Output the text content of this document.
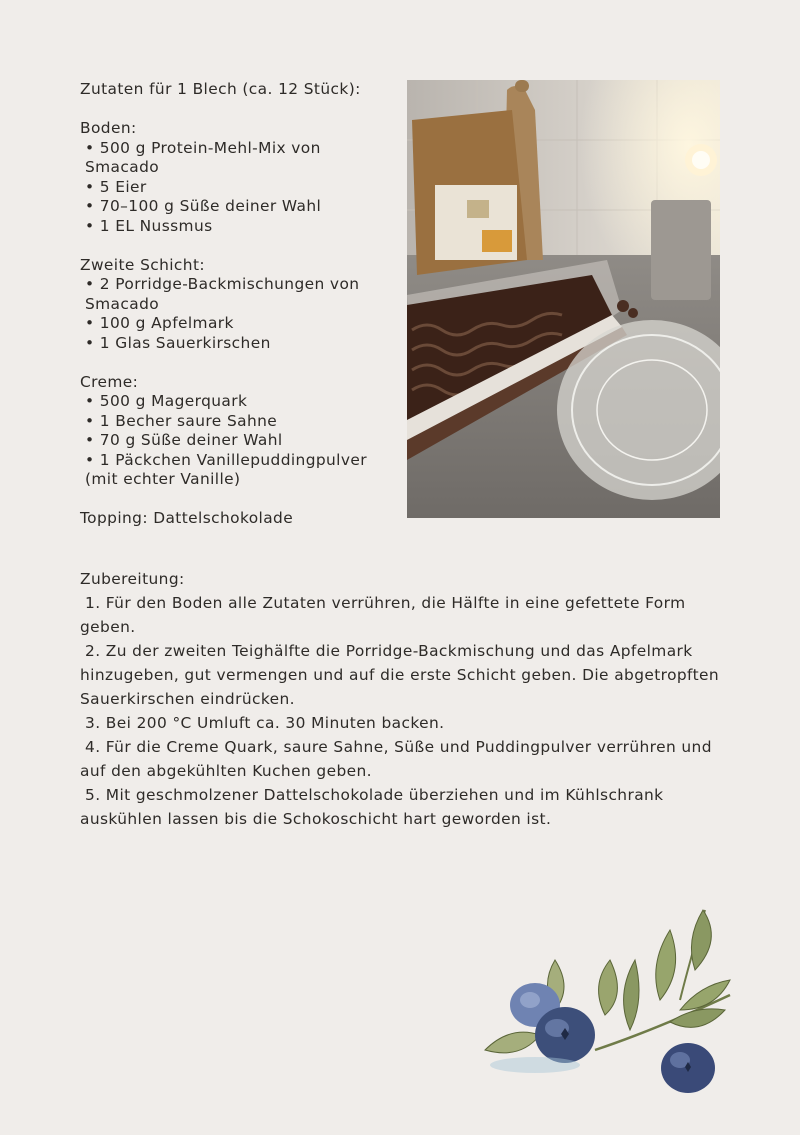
Zutaten für 1 Blech (ca. 12 Stück):
Boden:
• 500 g Protein-Mehl-Mix von Smacado
• 5 Eier
• 70–100 g Süße deiner Wahl
• 1 EL Nussmus
Zweite Schicht:
• 2 Porridge-Backmischungen von Smacado
• 100 g Apfelmark
• 1 Glas Sauerkirschen
Creme:
• 500 g Magerquark
• 1 Becher saure Sahne
• 70 g Süße deiner Wahl
• 1 Päckchen Vanillepuddingpulver (mit echter Vanille)
Topping: Dattelschokolade
Zubereitung:
1. Für den Boden alle Zutaten verrühren, die Hälfte in eine gefettete Form geben.
2. Zu der zweiten Teighälfte die Porridge-Backmischung und das Apfelmark hinzugeben, gut vermengen und auf die erste Schicht geben. Die abgetropften Sauerkirschen eindrücken.
3. Bei 200 °C Umluft ca. 30 Minuten backen.
4. Für die Creme Quark, saure Sahne, Süße und Puddingpulver verrühren und auf den abgekühlten Kuchen geben.
5. Mit geschmolzener Dattelschokolade überziehen und im Kühlschrank auskühlen lassen bis die Schokoschicht hart geworden ist.
